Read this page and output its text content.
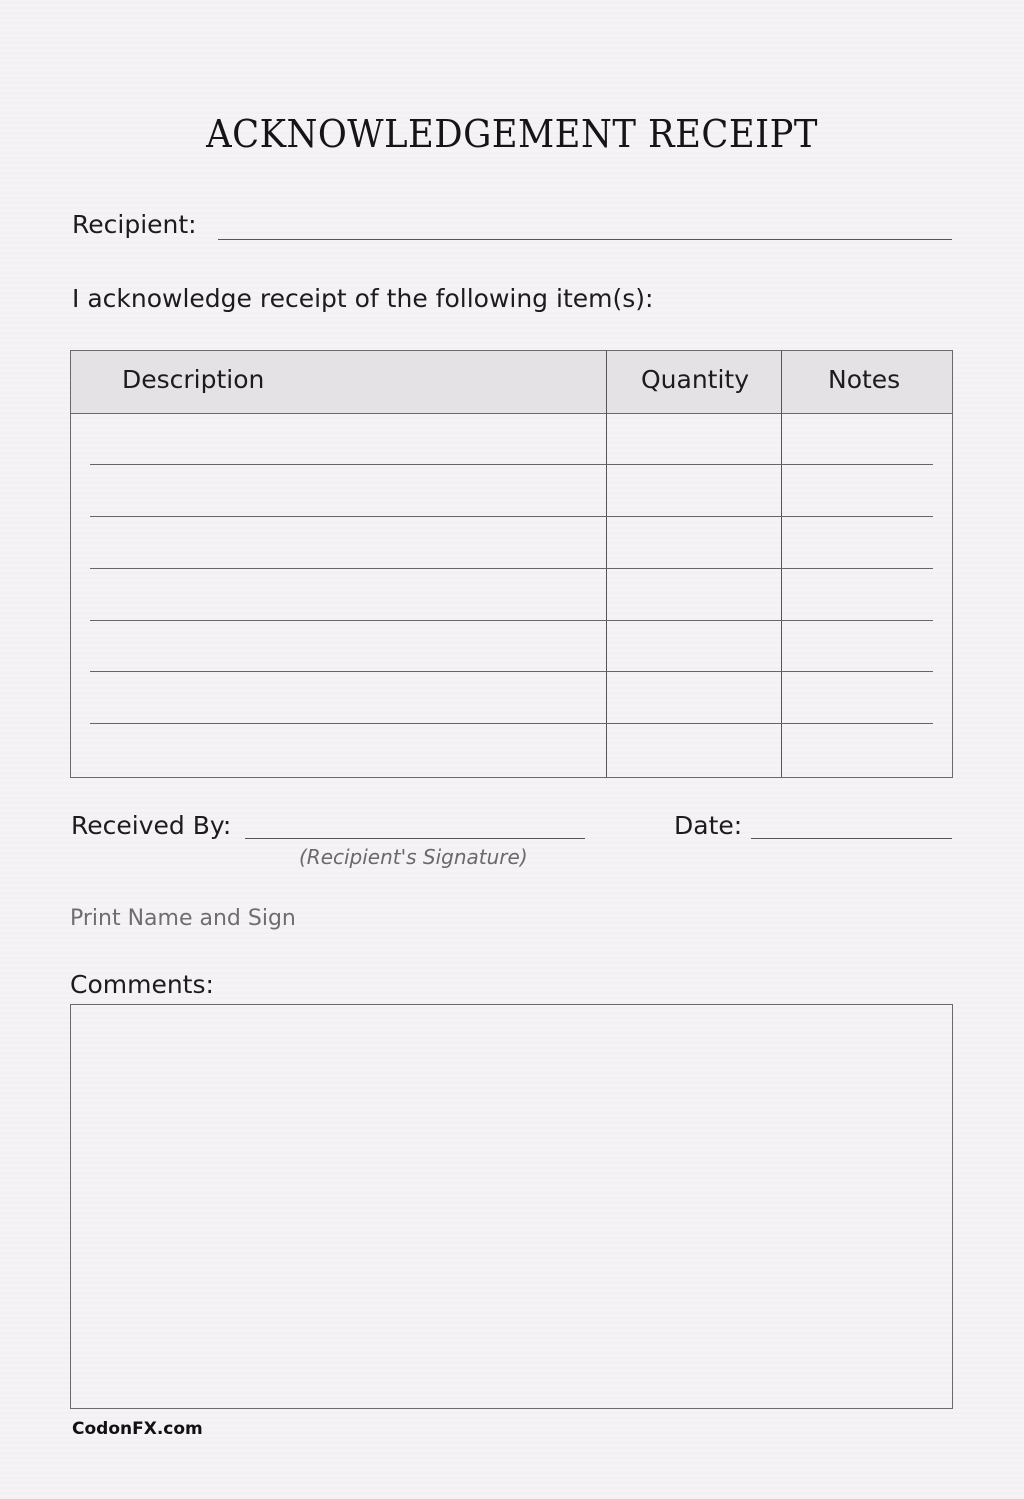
ACKNOWLEDGEMENT RECEIPT
Recipient:
I acknowledge receipt of the following item(s):
Description	Quantity	Notes
Received By:
(Recipient's Signature)
Date:
Print Name and Sign
Comments:
CodonFX.com
